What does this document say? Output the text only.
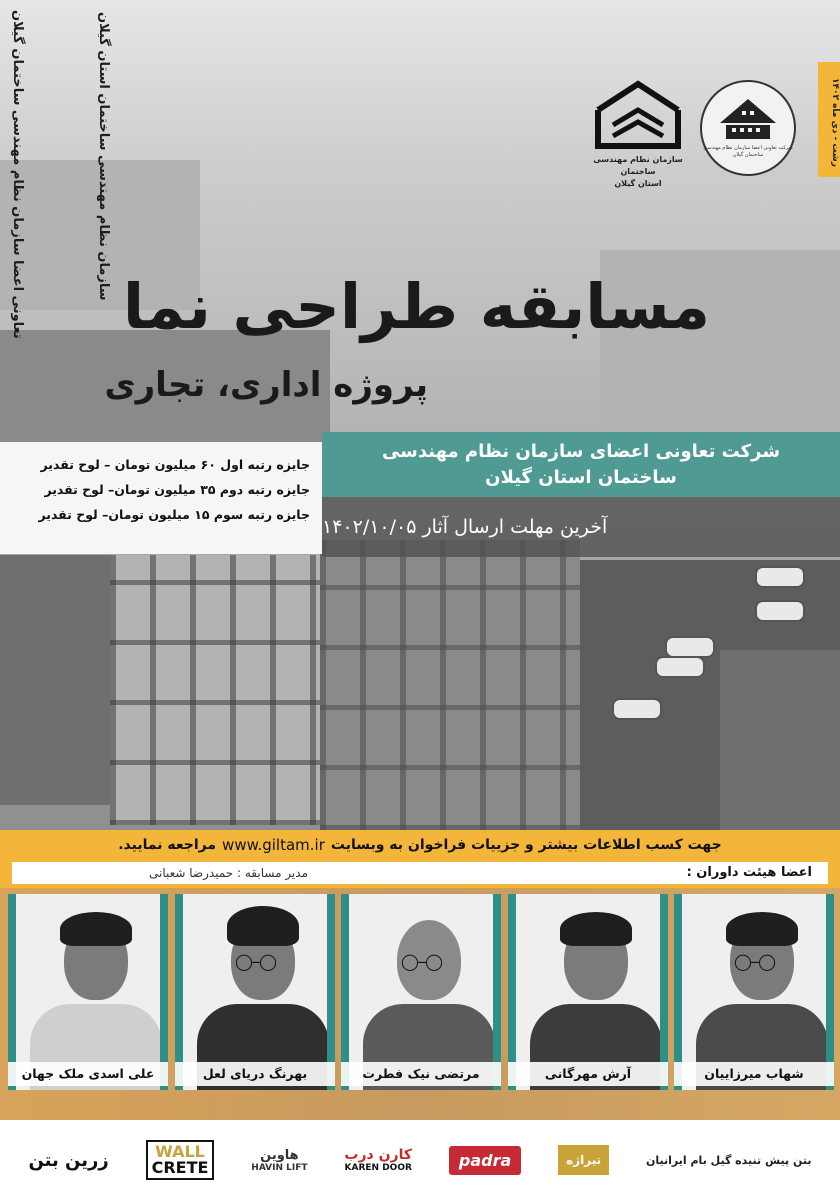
تعاونی اعضا سازمان نظام مهندسی ساختمان گیلان	سازمان نظام مهندسی ساختمان استان گیلان	رشت - دی ماه ۱۴۰۲
سازمان نظام مهندسی ساختمان
استان گیلان
شرکت تعاونی اعضا سازمان نظام مهندسی ساختمان گیلان
مسابقه طراحی نما
پروژه اداری، تجاری
شرکت تعاونی اعضای سازمان نظام مهندسی
ساختمان استان گیلان
جایزه رتبه اول ۶۰ میلیون تومان – لوح تقدیر
جایزه رتبه دوم ۳۵ میلیون تومان– لوح تقدیر
جایزه رتبه سوم ۱۵ میلیون تومان– لوح تقدیر
آخرین مهلت ارسال آثار ۱۴۰۲/۱۰/۰۵
جهت کسب اطلاعات بیشتر و جزییات فراخوان به وبسایت
www.giltam.ir
مراجعه نمایید.
اعضا هیئت داوران :
مدیر مسابقه : حمیدرضا شعبانی
◯‒◯
شهاب میرزاییان
آرش مهرگانی
◯‒◯
مرتضی نیک فطرت
◯‒◯
بهرنگ دریای لعل
علی اسدی ملک جهان
زرین بتن	WALL
CRETE
هاوین
HAVIN LIFT
کارن درب
KAREN DOOR	padra	تیراژه	بتن پیش تنیده گیل بام ایرانیان
